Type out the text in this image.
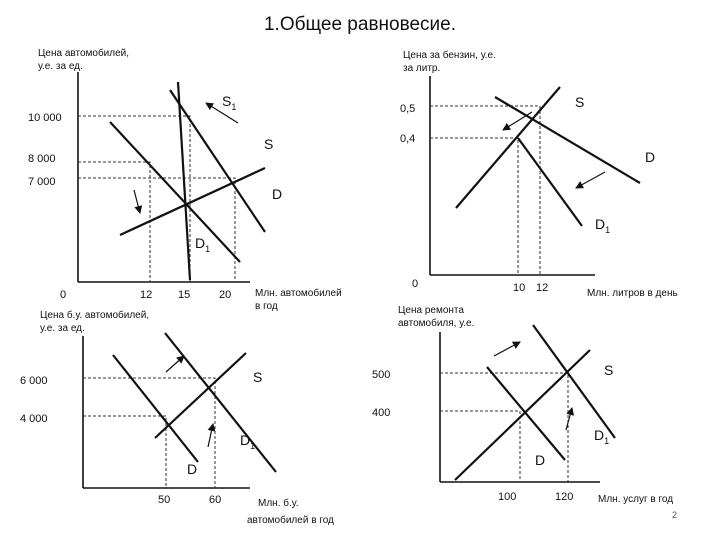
1.Общее равновесие.
Цена автомобилей,
у.е. за ед.
$S_1$
S
D
$D_1$
10 000
8 000
7 000
0	12 15	20 Млн. автомобилей
в год
Цена за бензин, у.е.
за литр.
S
D
$D_1$
0,5
0,4
0	10 12	Млн. литров в день
Цена б.у. автомобилей,
у.е. за ед.
S
$D_1$
D
6 000
4 000
50	60	Млн. б.у.
автомобилей в год
Цена ремонта
автомобиля, у.е.
S
$D_1$
D
500
400
100	120 Млн. услуг в год
2
